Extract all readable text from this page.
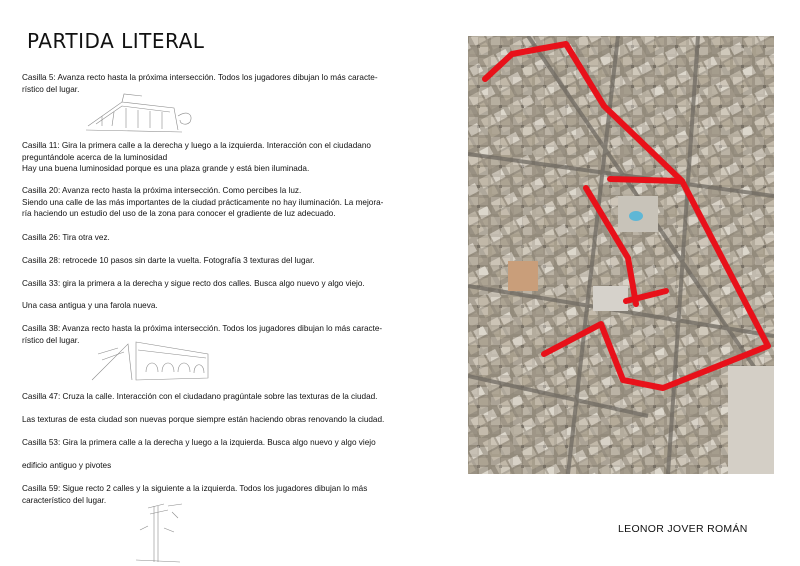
PARTIDA LITERAL

Casilla 5: Avanza recto hasta la próxima intersección. Todos los jugadores dibujan lo más caracte-

rístico del lugar.

Casilla 11: Gira la primera calle a la derecha y luego a la izquierda. Interacción con el ciudadano

preguntándole acerca de la luminosidad

Hay una buena luminosidad porque es una plaza grande y está bien iluminada.

Casilla 20: Avanza recto hasta la próxima intersección. Como percibes la luz.

Siendo una calle de las más importantes de la ciudad prácticamente no hay iluminación. La mejora-

ría haciendo un estudio del uso de la zona para conocer el gradiente de luz adecuado.

Casilla 26: Tira otra vez.

Casilla 28: retrocede 10 pasos sin darte la vuelta. Fotografía 3 texturas del lugar.

Casilla 33: gira la primera a la derecha y sigue recto dos calles. Busca algo nuevo y algo viejo.

Una casa antigua y una farola nueva.

Casilla 38: Avanza recto hasta la próxima intersección. Todos los jugadores dibujan lo más caracte-

rístico del lugar.

Casilla 47: Cruza la calle. Interacción con el ciudadano pragúntale sobre las texturas de la ciudad.

Las texturas de esta ciudad son nuevas porque siempre están haciendo obras renovando la ciudad.

Casilla 53: Gira la primera calle a la derecha y luego a la izquierda. Busca algo nuevo y algo viejo

edificio antiguo y pivotes

Casilla 59: Sigue recto 2 calles y la siguiente a la izquierda. Todos los jugadores dibujan lo más

característico del lugar.

LEONOR JOVER ROMÁN
